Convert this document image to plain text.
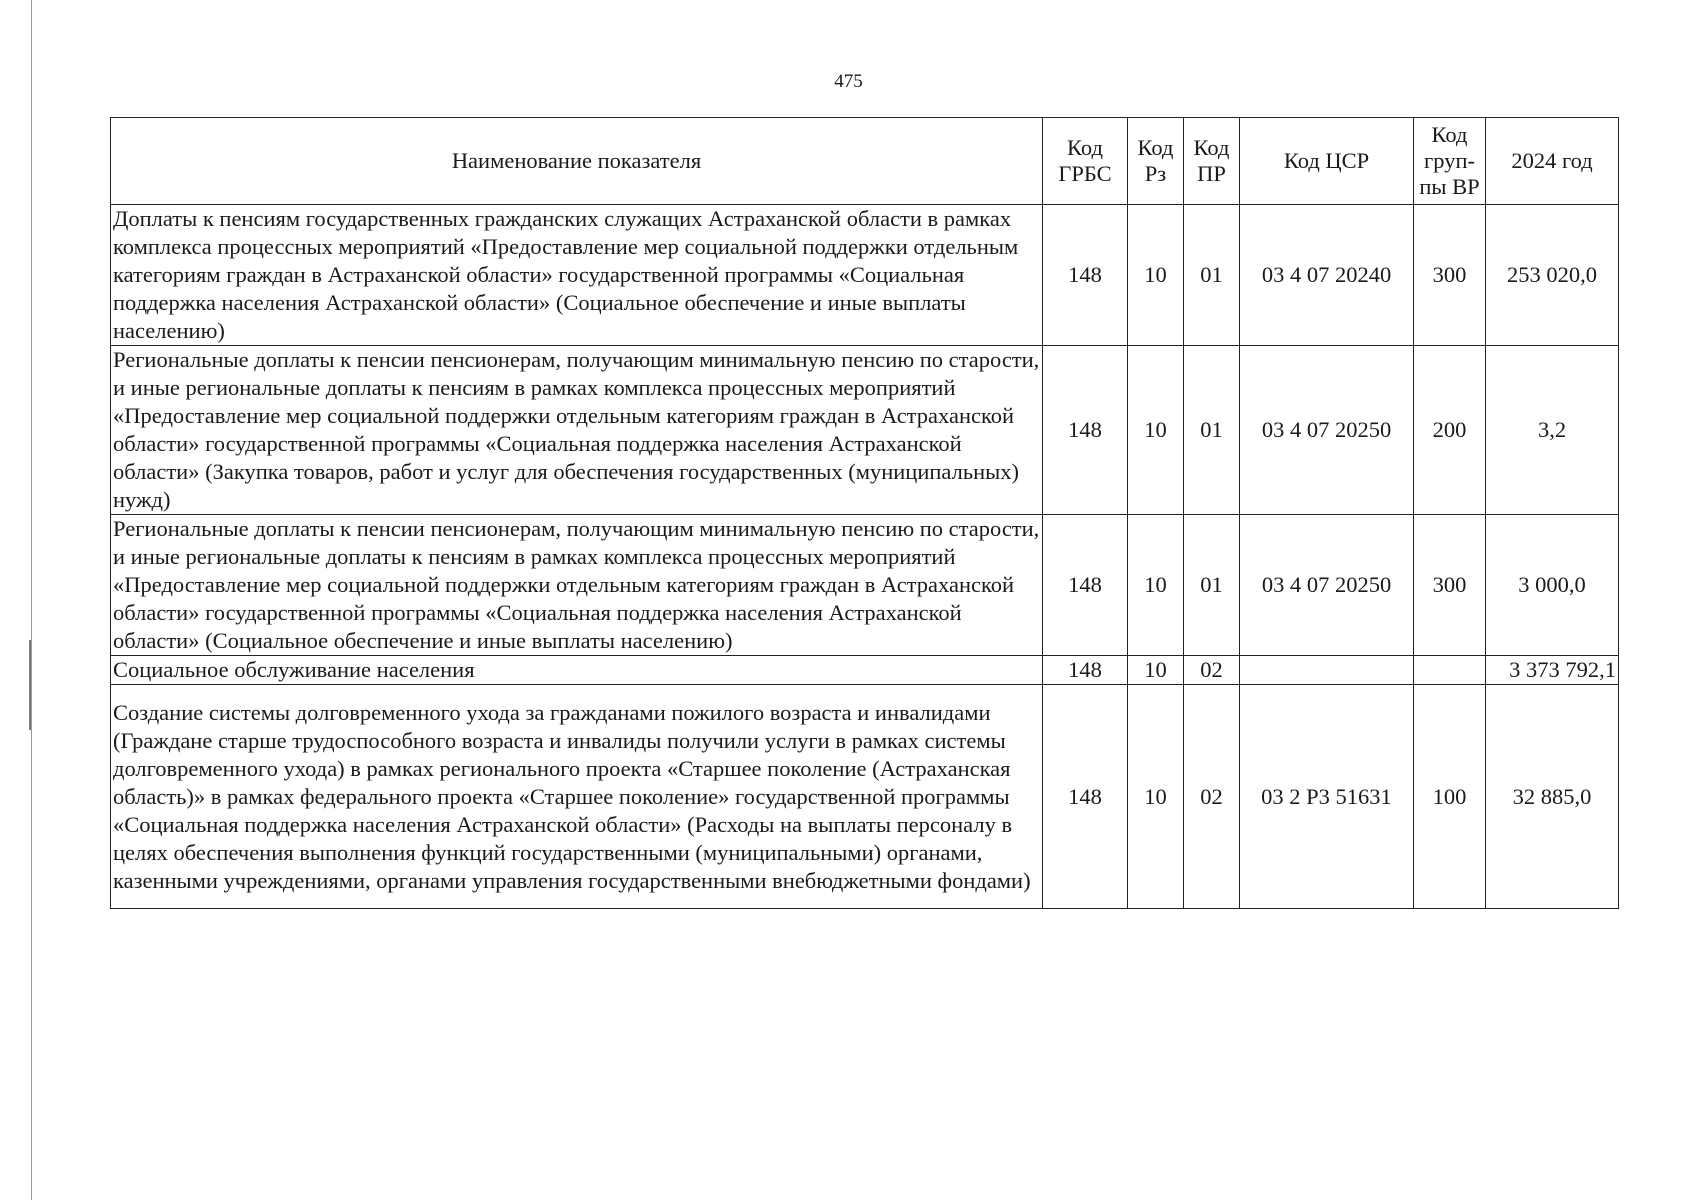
475
Наименование показателя	Код ГРБС	Код Рз	Код ПР	Код ЦСР	Код груп-пы ВР	2024 год
Доплаты к пенсиям государственных гражданских служащих Астраханской области в рамках комплекса процессных мероприятий «Предоставление мер социальной поддержки отдельным категориям граждан в Астраханской области» государственной программы «Социальная поддержка населения Астраханской области» (Социальное обеспечение и иные выплаты населению)	148	10	01	03 4 07 20240	300	253 020,0
Региональные доплаты к пенсии пенсионерам, получающим минимальную пенсию по старости, и иные региональные доплаты к пенсиям в рамках комплекса процессных мероприятий «Предоставление мер социальной поддержки отдельным категориям граждан в Астраханской области» государственной программы «Социальная поддержка населения Астраханской области» (Закупка товаров, работ и услуг для обеспечения государственных (муниципальных) нужд)	148	10	01	03 4 07 20250	200	3,2
Региональные доплаты к пенсии пенсионерам, получающим минимальную пенсию по старости, и иные региональные доплаты к пенсиям в рамках комплекса процессных мероприятий «Предоставление мер социальной поддержки отдельным категориям граждан в Астраханской области» государственной программы «Социальная поддержка населения Астраханской области» (Социальное обеспечение и иные выплаты населению)	148	10	01	03 4 07 20250	300	3 000,0
Социальное обслуживание населения	148	10	02			3 373 792,1
Создание системы долговременного ухода за гражданами пожилого возраста и инвалидами (Граждане старше трудоспособного возраста и инвалиды получили услуги в рамках системы долговременного ухода) в рамках регионального проекта «Старшее поколение (Астраханская область)» в рамках федерального проекта «Старшее поколение» государственной программы «Социальная поддержка населения Астраханской области» (Расходы на выплаты персоналу в целях обеспечения выполнения функций государственными (муниципальными) органами, казенными учреждениями, органами управления государственными внебюджетными фондами)	148	10	02	03 2 Р3 51631	100	32 885,0
